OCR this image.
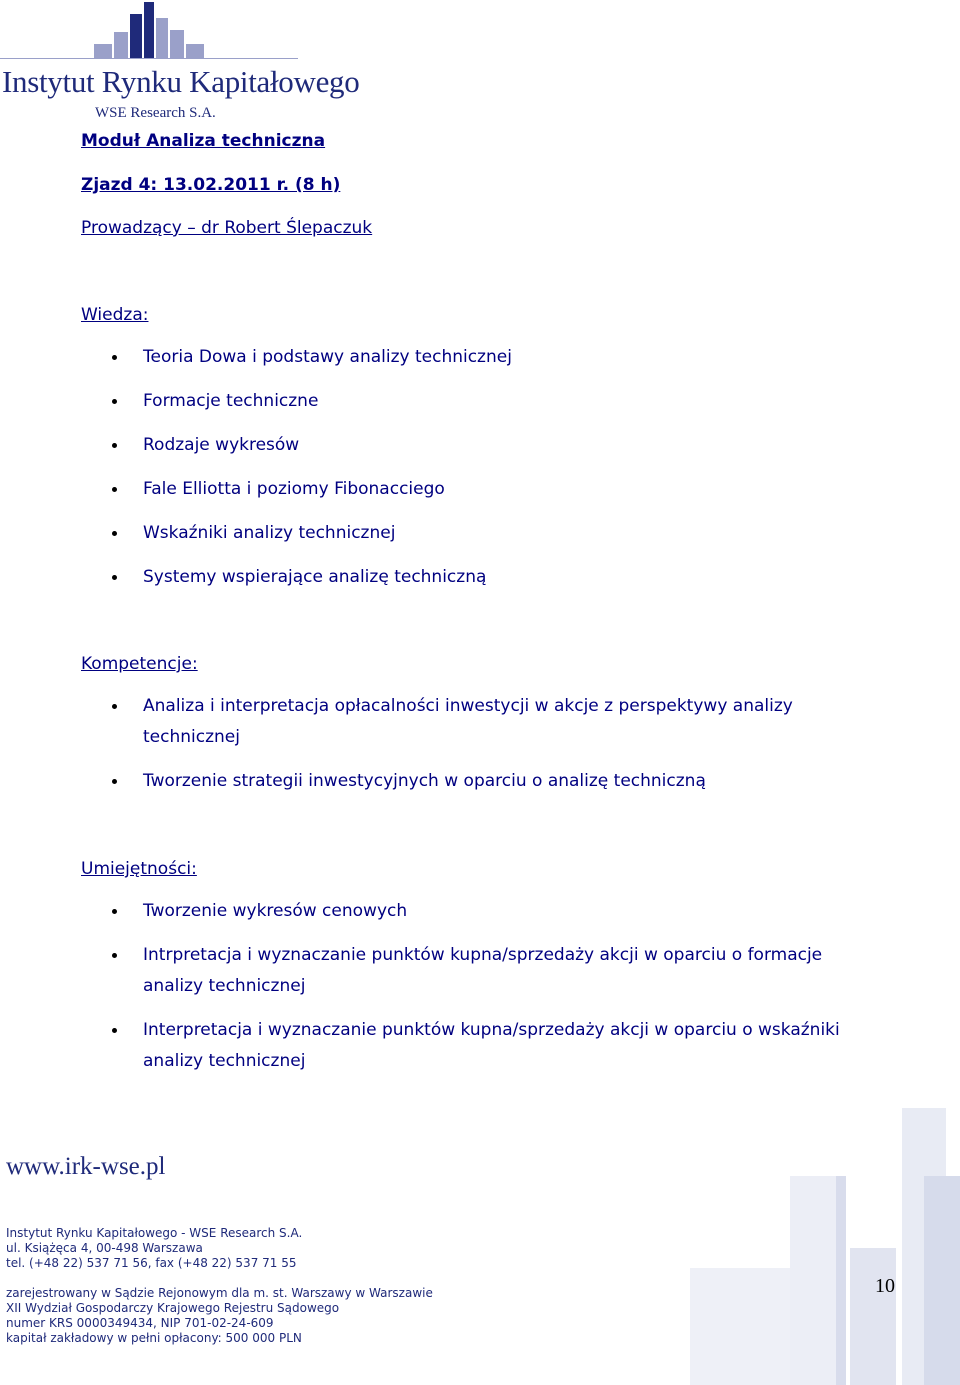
Instytut Rynku Kapitałowego
WSE Research S.A.
Moduł Analiza techniczna
Zjazd 4: 13.02.2011 r. (8 h)
Prowadzący – dr Robert Ślepaczuk
Wiedza:
Teoria Dowa i podstawy analizy technicznej
Formacje techniczne
Rodzaje wykresów
Fale Elliotta i poziomy Fibonacciego
Wskaźniki analizy technicznej
Systemy wspierające analizę techniczną
Kompetencje:
Analiza i interpretacja opłacalności inwestycji w akcje z perspektywy analizy technicznej
Tworzenie strategii inwestycyjnych w oparciu o analizę techniczną
Umiejętności:
Tworzenie wykresów cenowych
Intrpretacja i wyznaczanie punktów kupna/sprzedaży akcji w oparciu o formacje analizy technicznej
Interpretacja i wyznaczanie punktów kupna/sprzedaży akcji w oparciu o wskaźniki analizy technicznej
www.irk-wse.pl
Instytut Rynku Kapitałowego - WSE Research S.A.
ul. Książęca 4, 00-498 Warszawa
tel. (+48 22) 537 71 56, fax (+48 22) 537 71 55
zarejestrowany w Sądzie Rejonowym dla m. st. Warszawy w Warszawie
XII Wydział Gospodarczy Krajowego Rejestru Sądowego
numer KRS 0000349434, NIP 701-02-24-609
kapitał zakładowy w pełni opłacony: 500 000 PLN
10
